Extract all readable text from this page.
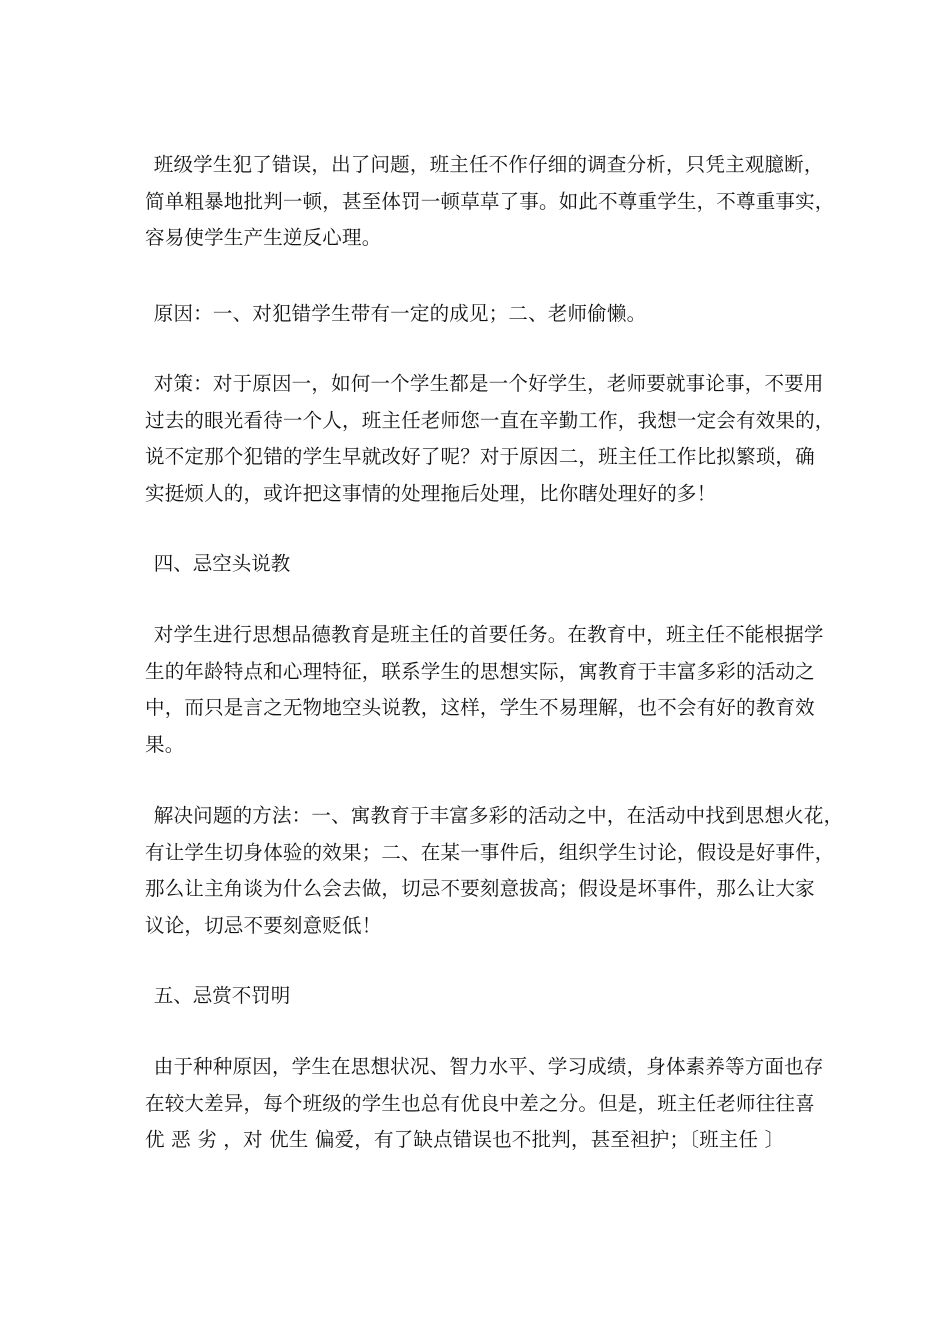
班级学生犯了错误，出了问题，班主任不作仔细的调查分析，只凭主观臆断，
简单粗暴地批判一顿，甚至体罚一顿草草了事。如此不尊重学生，不尊重事实，
容易使学生产生逆反心理。
原因：一、对犯错学生带有一定的成见；二、老师偷懒。
对策：对于原因一，如何一个学生都是一个好学生，老师要就事论事，不要用
过去的眼光看待一个人，班主任老师您一直在辛勤工作，我想一定会有效果的，
说不定那个犯错的学生早就改好了呢？对于原因二，班主任工作比拟繁琐，确
实挺烦人的，或许把这事情的处理拖后处理，比你瞎处理好的多！
四、忌空头说教
对学生进行思想品德教育是班主任的首要任务。在教育中，班主任不能根据学
生的年龄特点和心理特征，联系学生的思想实际，寓教育于丰富多彩的活动之
中，而只是言之无物地空头说教，这样，学生不易理解，也不会有好的教育效
果。
解决问题的方法：一、寓教育于丰富多彩的活动之中，在活动中找到思想火花，
有让学生切身体验的效果；二、在某一事件后，组织学生讨论，假设是好事件，
那么让主角谈为什么会去做，切忌不要刻意拔高；假设是坏事件，那么让大家
议论，切忌不要刻意贬低！
五、忌赏不罚明
由于种种原因，学生在思想状况、智力水平、学习成绩，身体素养等方面也存
在较大差异，每个班级的学生也总有优良中差之分。但是，班主任老师往往喜
优 恶 劣 ，对 优生 偏爱，有了缺点错误也不批判，甚至袒护；〔班主任 〕
